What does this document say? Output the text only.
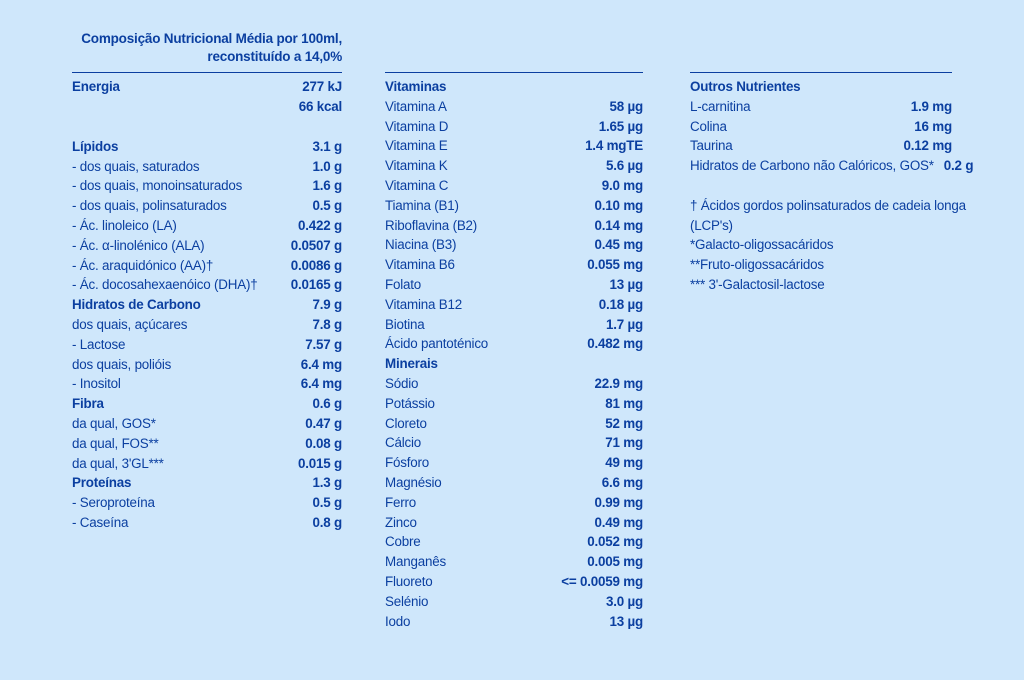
Composição Nutricional Média por 100ml,
reconstituído a 14,0%
Energia	277 kJ
66 kcal
Lípidos	3.1 g
- dos quais, saturados	1.0 g
- dos quais, monoinsaturados	1.6 g
- dos quais, polinsaturados	0.5 g
- Ác. linoleico (LA)	0.422 g
- Ác. α-linolénico (ALA)	0.0507 g
- Ác. araquidónico (AA)†	0.0086 g
- Ác. docosahexaenóico (DHA)†	0.0165 g
Hidratos de Carbono	7.9 g
dos quais, açúcares	7.8 g
- Lactose	7.57 g
dos quais, polióis	6.4 mg
- Inositol	6.4 mg
Fibra	0.6 g
da qual, GOS*	0.47 g
da qual, FOS**	0.08 g
da qual, 3'GL***	0.015 g
Proteínas	1.3 g
- Seroproteína	0.5 g
- Caseína	0.8 g
Vitaminas
Vitamina A	58 µg
Vitamina D	1.65 µg
Vitamina E	1.4 mgTE
Vitamina K	5.6 µg
Vitamina C	9.0 mg
Tiamina (B1)	0.10 mg
Riboflavina (B2)	0.14 mg
Niacina (B3)	0.45 mg
Vitamina B6	0.055 mg
Folato	13 µg
Vitamina B12	0.18 µg
Biotina	1.7 µg
Ácido pantoténico	0.482 mg
Minerais
Sódio	22.9 mg
Potássio	81 mg
Cloreto	52 mg
Cálcio	71 mg
Fósforo	49 mg
Magnésio	6.6 mg
Ferro	0.99 mg
Zinco	0.49 mg
Cobre	0.052 mg
Manganês	0.005 mg
Fluoreto	<= 0.0059 mg
Selénio	3.0 µg
Iodo	13 µg
Outros Nutrientes
L-carnitina	1.9 mg
Colina	16 mg
Taurina	0.12 mg
Hidratos de Carbono não Calóricos, GOS* 0.2 g
† Ácidos gordos polinsaturados de cadeia longa
(LCP's)
*Galacto-oligossacáridos
**Fruto-oligossacáridos
*** 3'-Galactosil-lactose
